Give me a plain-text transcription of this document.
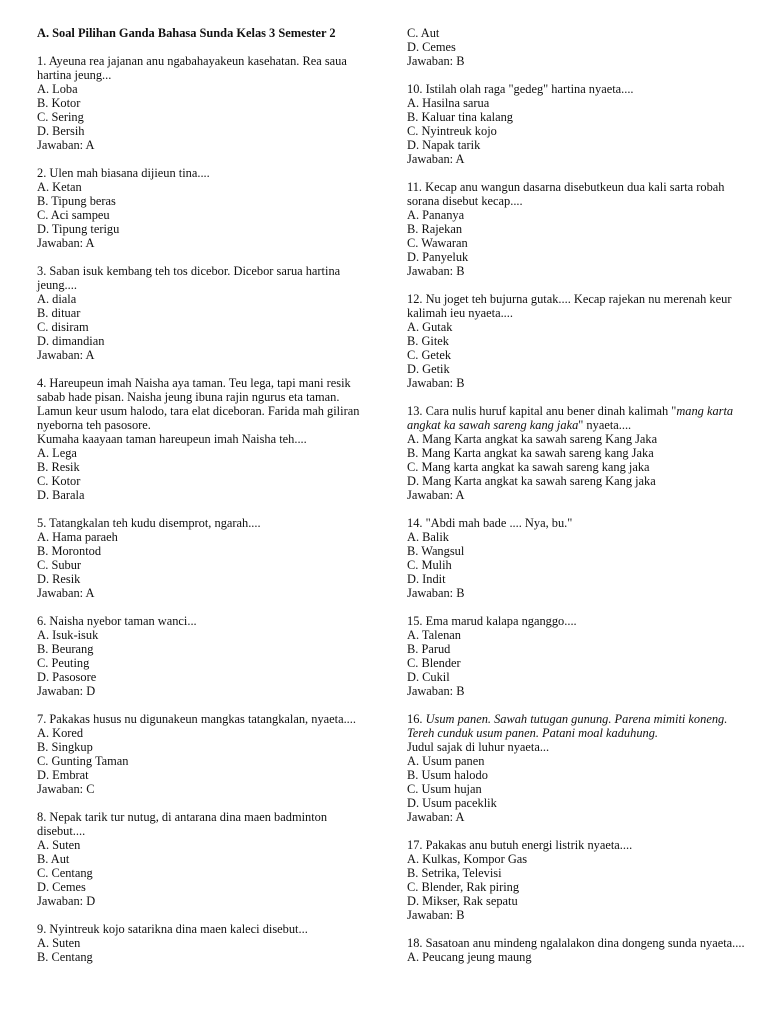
A. Soal Pilihan Ganda Bahasa Sunda Kelas 3 Semester 2
1. Ayeuna rea jajanan anu ngabahayakeun kasehatan. Rea saua hartina jeung...
A. Loba
B. Kotor
C. Sering
D. Bersih
Jawaban: A
2. Ulen mah biasana dijieun tina....
A. Ketan
B. Tipung beras
C. Aci sampeu
D. Tipung terigu
Jawaban: A
3. Saban isuk kembang teh tos dicebor. Dicebor sarua hartina jeung....
A. diala
B. dituar
C. disiram
D. dimandian
Jawaban: A
4. Hareupeun imah Naisha aya taman. Teu lega, tapi mani resik sabab hade pisan. Naisha jeung ibuna rajin ngurus eta taman. Lamun keur usum halodo, tara elat diceboran. Farida mah giliran nyeborna teh pasosore.
Kumaha kaayaan taman hareupeun imah Naisha teh....
A. Lega
B. Resik
C. Kotor
D. Barala
5. Tatangkalan teh kudu disemprot, ngarah....
A. Hama paraeh
B. Morontod
C. Subur
D. Resik
Jawaban: A
6. Naisha nyebor taman wanci...
A. Isuk-isuk
B. Beurang
C. Peuting
D. Pasosore
Jawaban: D
7. Pakakas husus nu digunakeun mangkas tatangkalan, nyaeta....
A. Kored
B. Singkup
C. Gunting Taman
D. Embrat
Jawaban: C
8. Nepak tarik tur nutug, di antarana dina maen badminton disebut....
A. Suten
B. Aut
C. Centang
D. Cemes
Jawaban: D
9. Nyintreuk kojo satarikna dina maen kaleci disebut...
A. Suten
B. Centang
C. Aut
D. Cemes
Jawaban: B
10. Istilah olah raga "gedeg" hartina nyaeta....
A. Hasilna sarua
B. Kaluar tina kalang
C. Nyintreuk kojo
D. Napak tarik
Jawaban: A
11. Kecap anu wangun dasarna disebutkeun dua kali sarta robah sorana disebut kecap....
A. Pananya
B. Rajekan
C. Wawaran
D. Panyeluk
Jawaban: B
12. Nu joget teh bujurna gutak.... Kecap rajekan nu merenah keur kalimah ieu nyaeta....
A. Gutak
B. Gitek
C. Getek
D. Getik
Jawaban: B
13. Cara nulis huruf kapital anu bener dinah kalimah "mang karta angkat ka sawah sareng kang jaka" nyaeta....
A. Mang Karta angkat ka sawah sareng Kang Jaka
B. Mang Karta angkat ka sawah sareng kang Jaka
C. Mang karta angkat ka sawah sareng kang jaka
D. Mang Karta angkat ka sawah sareng Kang jaka
Jawaban: A
14. "Abdi mah bade .... Nya, bu."
A. Balik
B. Wangsul
C. Mulih
D. Indit
Jawaban: B
15. Ema marud kalapa nganggo....
A. Talenan
B. Parud
C. Blender
D. Cukil
Jawaban: B
16. Usum panen. Sawah tutugan gunung. Parena mimiti koneng. Tereh cunduk usum panen. Patani moal kaduhung.
Judul sajak di luhur nyaeta...
A. Usum panen
B. Usum halodo
C. Usum hujan
D. Usum paceklik
Jawaban: A
17. Pakakas anu butuh energi listrik nyaeta....
A. Kulkas, Kompor Gas
B. Setrika, Televisi
C. Blender, Rak piring
D. Mikser, Rak sepatu
Jawaban: B
18. Sasatoan anu mindeng ngalalakon dina dongeng sunda nyaeta....
A. Peucang jeung maung
